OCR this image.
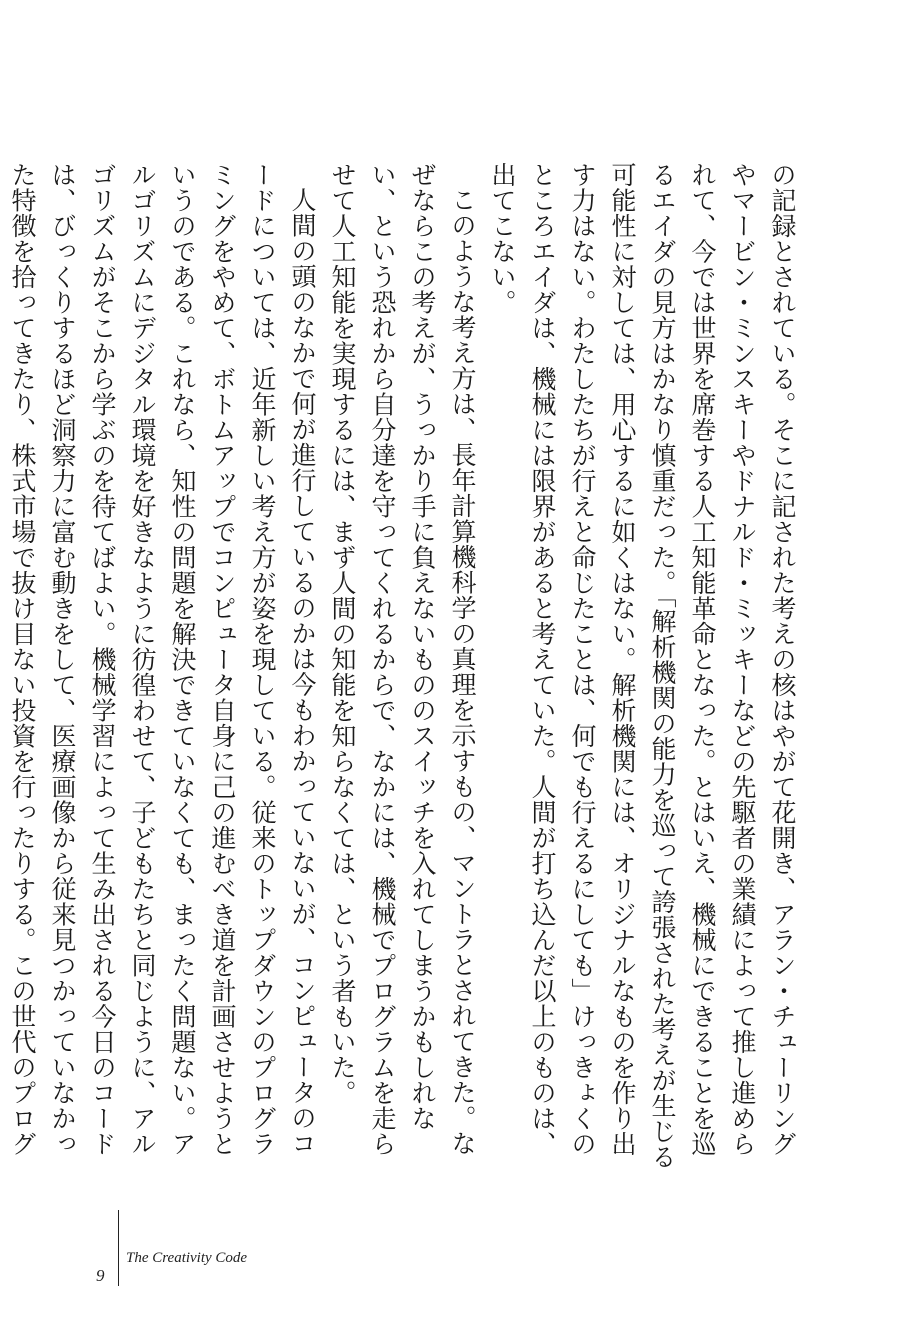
の記録とされている。そこに記された考えの核はやがて花開き、アラン・チューリングやマービン・ミンスキーやドナルド・ミッキーなどの先駆者の業績によって推し進められて、今では世界を席巻する人工知能革命となった。とはいえ、機械にできることを巡るエイダの見方はかなり慎重だった。「解析機関の能力を巡って誇張された考えが生じる可能性に対しては、用心するに如くはない。解析機関には、オリジナルなものを作り出す力はない。わたしたちが行えと命じたことは、何でも行えるにしても」けっきょくのところエイダは、機械には限界があると考えていた。人間が打ち込んだ以上のものは、出てこない。

このような考え方は、長年計算機科学の真理を示すもの、マントラとされてきた。なぜならこの考えが、うっかり手に負えないもののスイッチを入れてしまうかもしれない、という恐れから自分達を守ってくれるからで、なかには、機械でプログラムを走らせて人工知能を実現するには、まず人間の知能を知らなくては、という者もいた。

人間の頭のなかで何が進行しているのかは今もわかっていないが、コンピュータのコードについては、近年新しい考え方が姿を現している。従来のトップダウンのプログラミングをやめて、ボトムアップでコンピュータ自身に己の進むべき道を計画させようというのである。これなら、知性の問題を解決できていなくても、まったく問題ない。アルゴリズムにデジタル環境を好きなように彷徨わせて、子どもたちと同じように、アルゴリズムがそこから学ぶのを待てばよい。機械学習によって生み出される今日のコードは、びっくりするほど洞察力に富む動きをして、医療画像から従来見つかっていなかった特徴を拾ってきたり、株式市場で抜け目ない投資を行ったりする。この世代のプログ

9
The Creativity Code
